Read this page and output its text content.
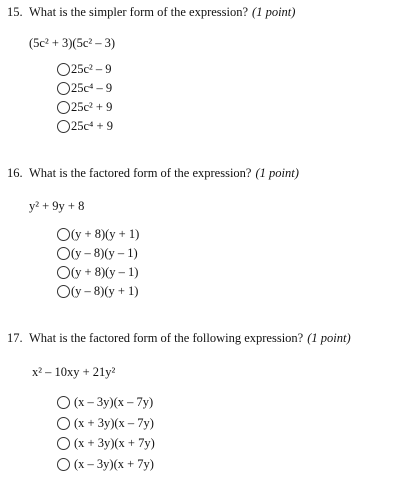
15. What is the simpler form of the expression? (1 point)
(5c² + 3)(5c² – 3)
25c² – 9
25c⁴ – 9
25c² + 9
25c⁴ + 9
16. What is the factored form of the expression? (1 point)
y² + 9y + 8
(y + 8)(y + 1)
(y – 8)(y – 1)
(y + 8)(y – 1)
(y – 8)(y + 1)
17. What is the factored form of the following expression? (1 point)
x² – 10xy + 21y²
(x – 3y)(x – 7y)
(x + 3y)(x – 7y)
(x + 3y)(x + 7y)
(x – 3y)(x + 7y)
